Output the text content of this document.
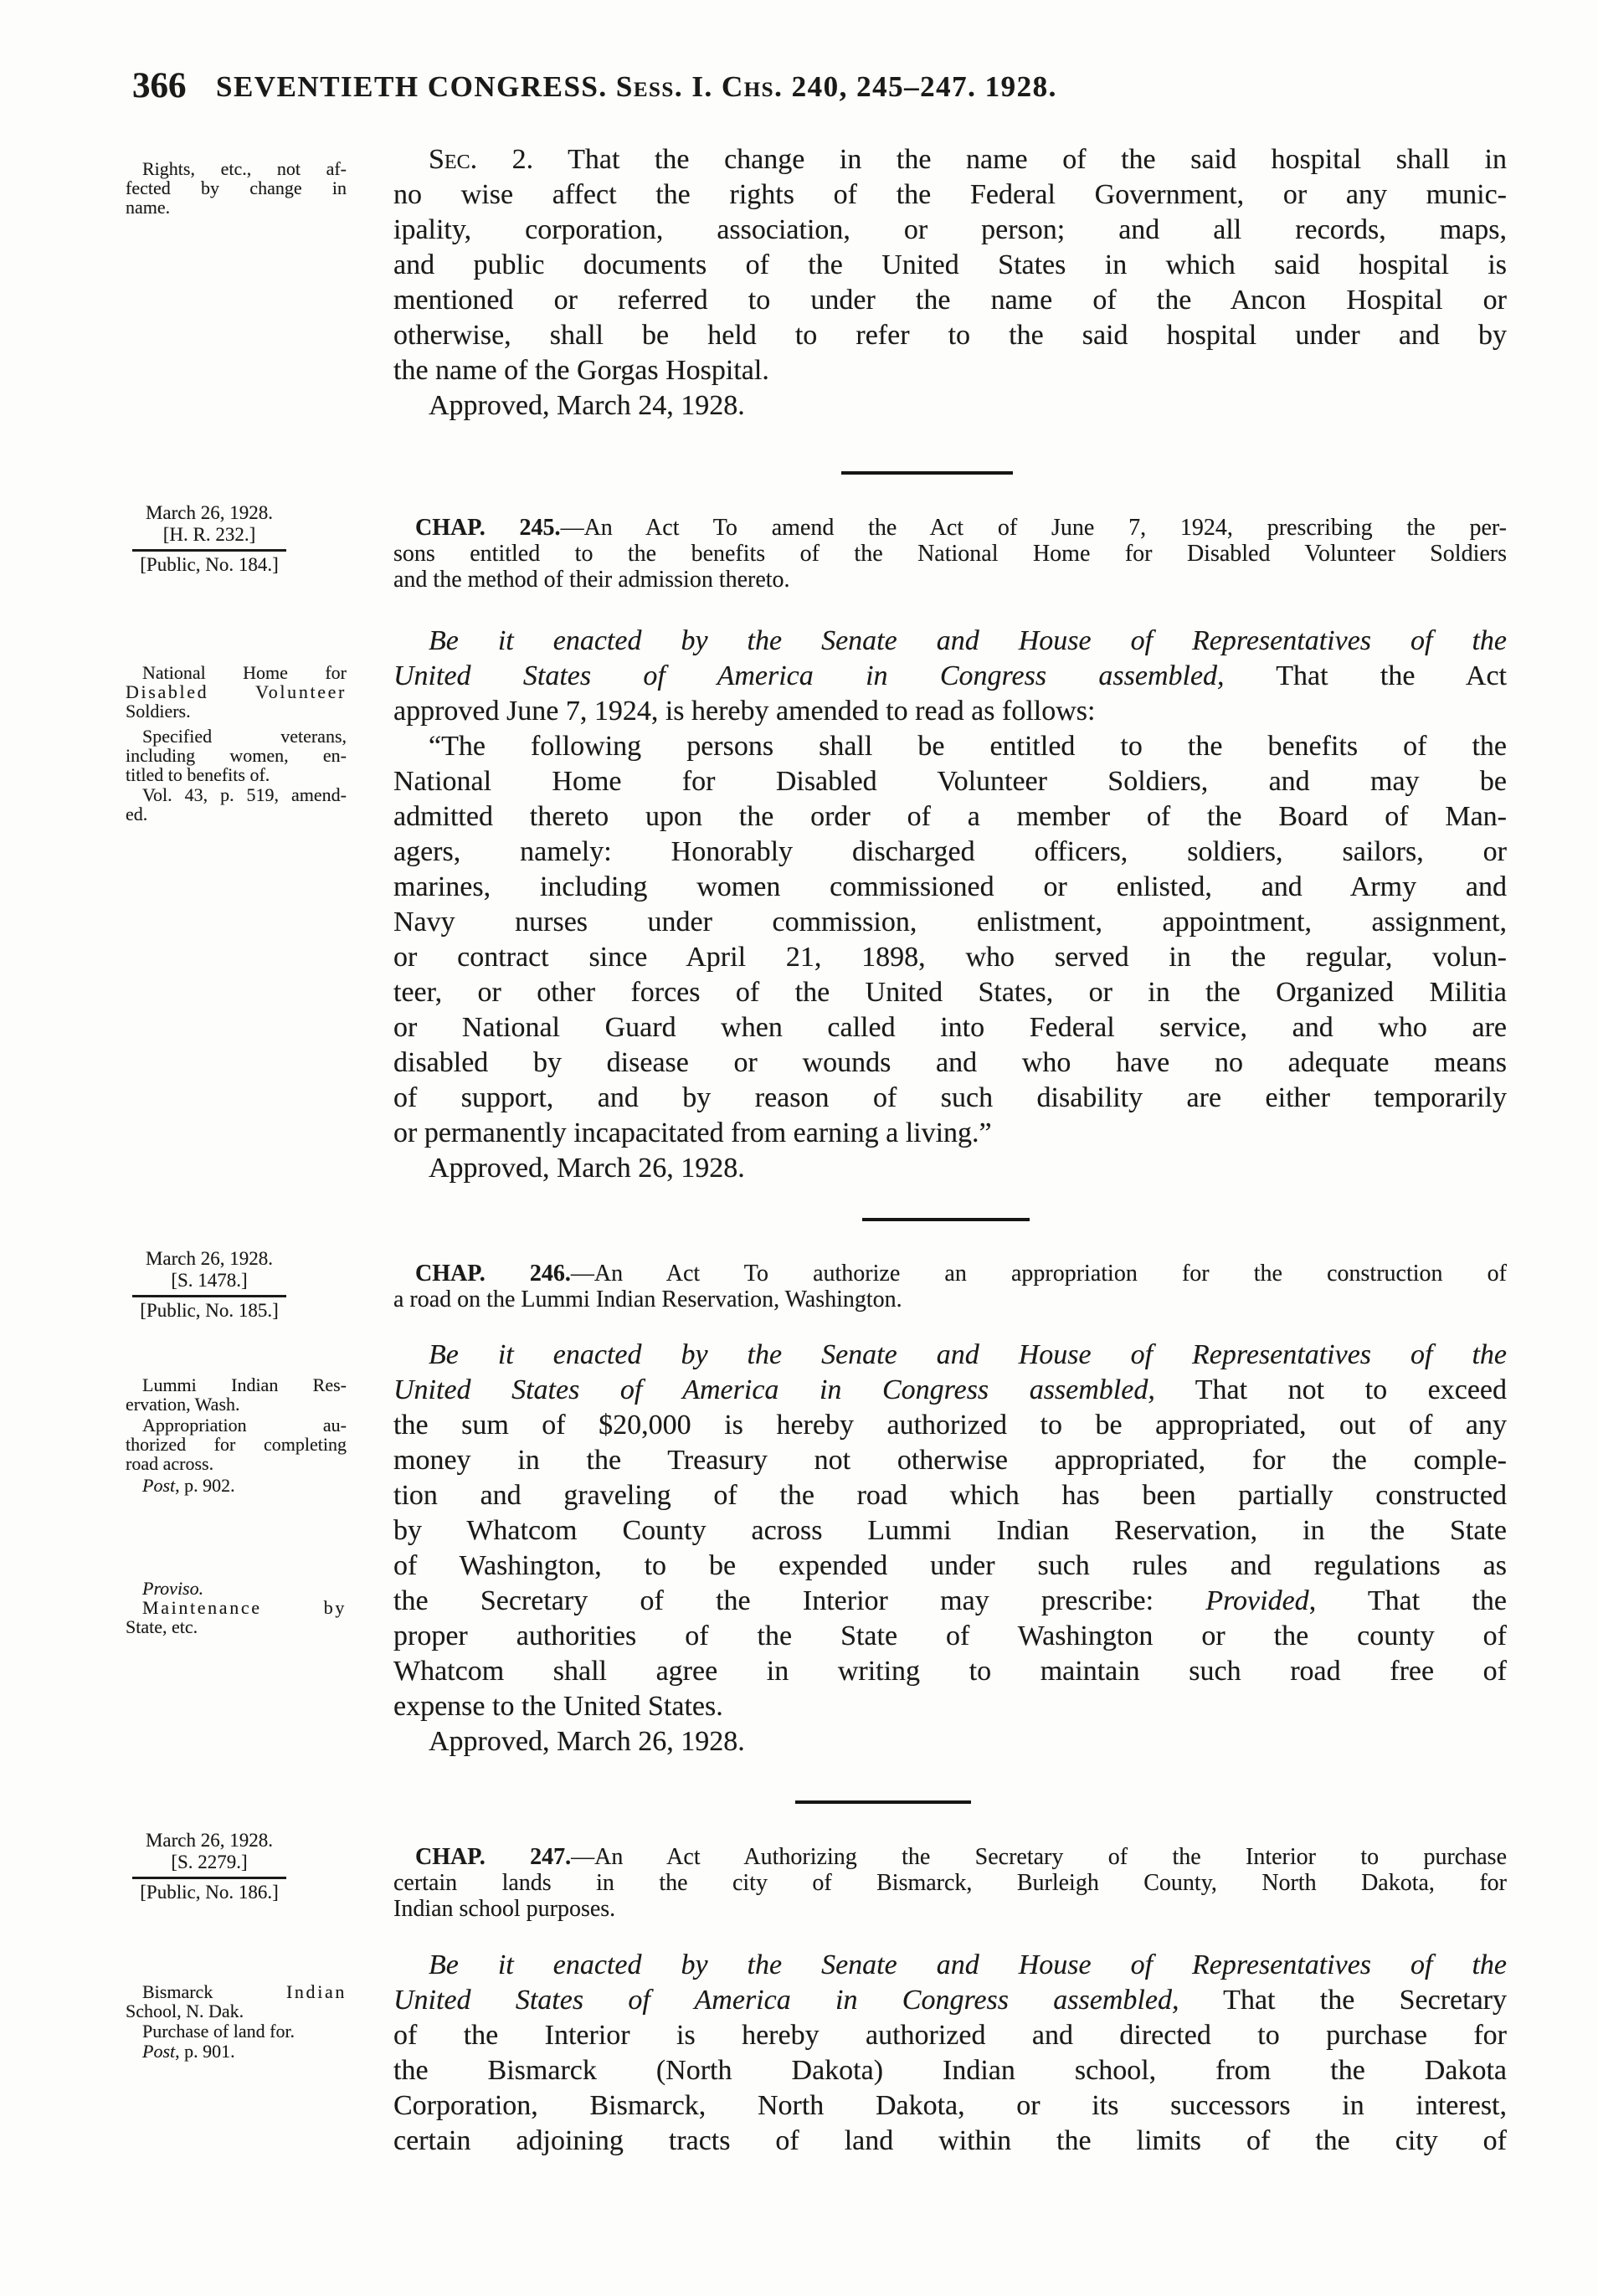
366 SEVENTIETH CONGRESS. Sess. I. Chs. 240, 245–247. 1928.
Rights, etc., not af-
fected by change in
name.
Sec. 2. That the change in the name of the said hospital shall in
no wise affect the rights of the Federal Government, or any munic-
ipality, corporation, association, or person; and all records, maps,
and public documents of the United States in which said hospital is
mentioned or referred to under the name of the Ancon Hospital or
otherwise, shall be held to refer to the said hospital under and by
the name of the Gorgas Hospital.
Approved, March 24, 1928.
March 26, 1928.
[H. R. 232.]
[Public, No. 184.]
CHAP. 245.—An Act To amend the Act of June 7, 1924, prescribing the per-
sons entitled to the benefits of the National Home for Disabled Volunteer Soldiers
and the method of their admission thereto.
National Home for
Disabled Volunteer
Soldiers.
Specified veterans,
including women, en-
titled to benefits of.
Vol. 43, p. 519, amend-
ed.
Be it enacted by the Senate and House of Representatives of the
United States of America in Congress assembled, That the Act
approved June 7, 1924, is hereby amended to read as follows:
“The following persons shall be entitled to the benefits of the
National Home for Disabled Volunteer Soldiers, and may be
admitted thereto upon the order of a member of the Board of Man-
agers, namely: Honorably discharged officers, soldiers, sailors, or
marines, including women commissioned or enlisted, and Army and
Navy nurses under commission, enlistment, appointment, assignment,
or contract since April 21, 1898, who served in the regular, volun-
teer, or other forces of the United States, or in the Organized Militia
or National Guard when called into Federal service, and who are
disabled by disease or wounds and who have no adequate means
of support, and by reason of such disability are either temporarily
or permanently incapacitated from earning a living.”
Approved, March 26, 1928.
March 26, 1928.
[S. 1478.]
[Public, No. 185.]
CHAP. 246.—An Act To authorize an appropriation for the construction of
a road on the Lummi Indian Reservation, Washington.
Lummi Indian Res-
ervation, Wash.
Appropriation au-
thorized for completing
road across.
Post, p. 902.
Proviso.
Maintenance by
State, etc.
Be it enacted by the Senate and House of Representatives of the
United States of America in Congress assembled, That not to exceed
the sum of $20,000 is hereby authorized to be appropriated, out of any
money in the Treasury not otherwise appropriated, for the comple-
tion and graveling of the road which has been partially constructed
by Whatcom County across Lummi Indian Reservation, in the State
of Washington, to be expended under such rules and regulations as
the Secretary of the Interior may prescribe: Provided, That the
proper authorities of the State of Washington or the county of
Whatcom shall agree in writing to maintain such road free of
expense to the United States.
Approved, March 26, 1928.
March 26, 1928.
[S. 2279.]
[Public, No. 186.]
CHAP. 247.—An Act Authorizing the Secretary of the Interior to purchase
certain lands in the city of Bismarck, Burleigh County, North Dakota, for
Indian school purposes.
Bismarck Indian
School, N. Dak.
Purchase of land for.
Post, p. 901.
Be it enacted by the Senate and House of Representatives of the
United States of America in Congress assembled, That the Secretary
of the Interior is hereby authorized and directed to purchase for
the Bismarck (North Dakota) Indian school, from the Dakota
Corporation, Bismarck, North Dakota, or its successors in interest,
certain adjoining tracts of land within the limits of the city of
